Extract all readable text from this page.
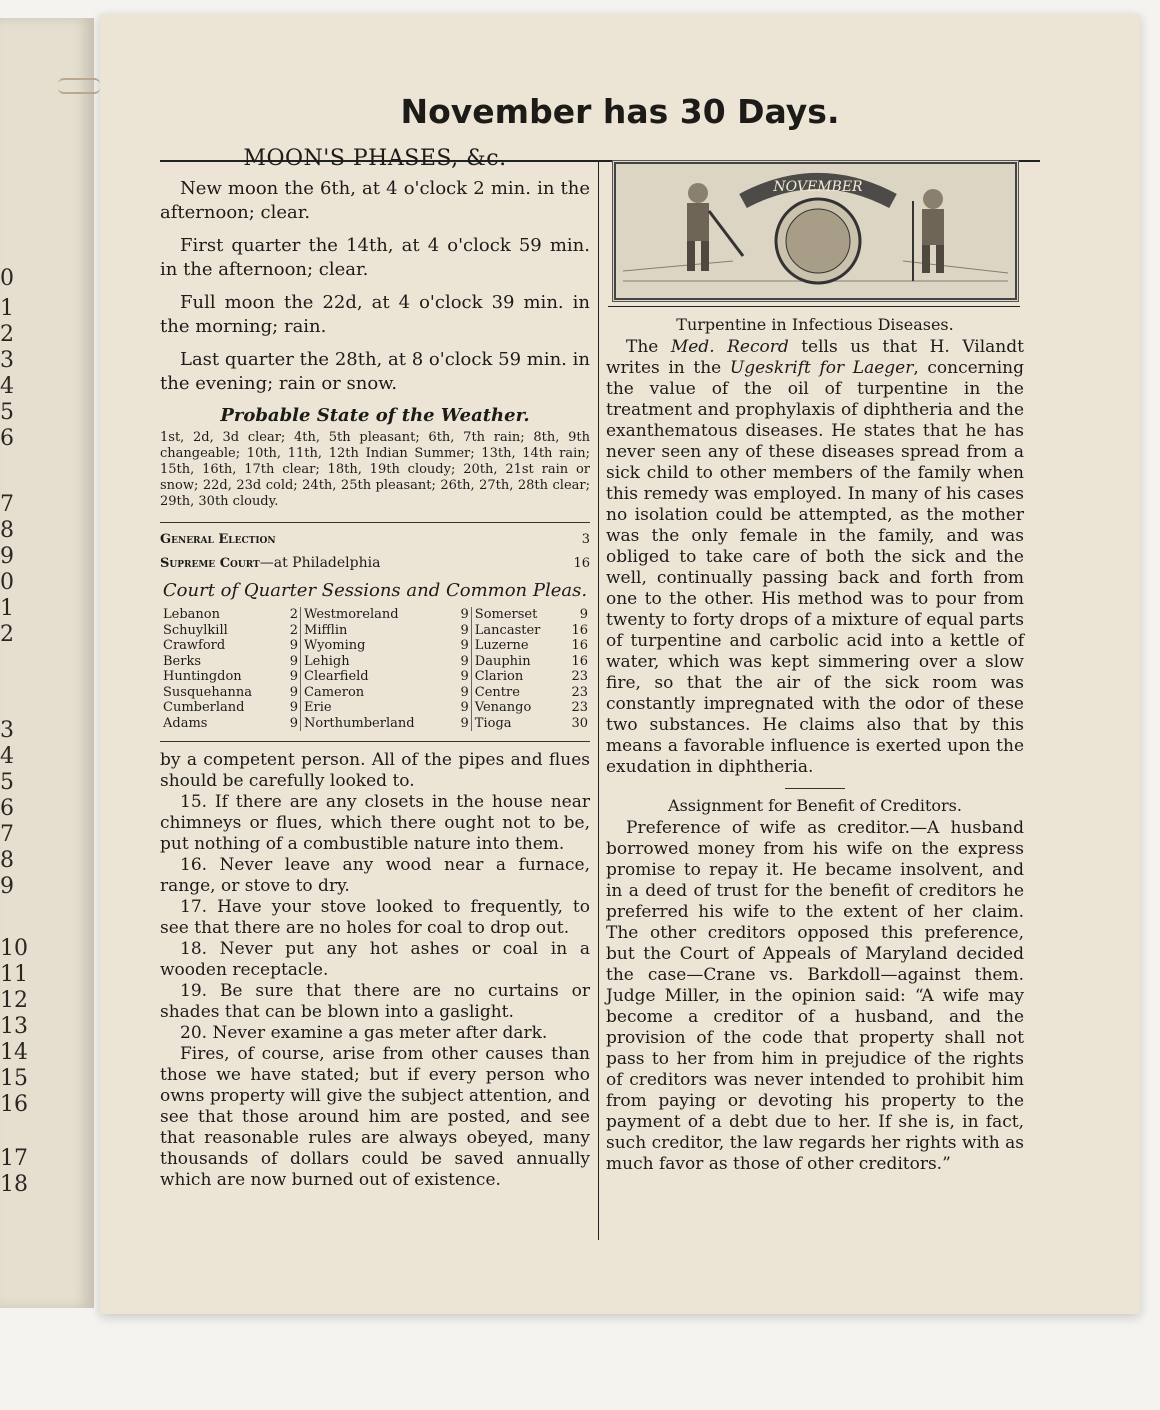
0
1
2
3
4
5
6
7
8
9
0
1
2
3
4
5
6
7
8
9
10
11
12
13
14
15
16
17
18
November has 30 Days.
MOON'S PHASES, &c.

New moon the 6th, at 4 o'clock 2 min. in the afternoon; clear.

First quarter the 14th, at 4 o'clock 59 min. in the afternoon; clear.

Full moon the 22d, at 4 o'clock 39 min. in the morning; rain.

Last quarter the 28th, at 8 o'clock 59 min. in the evening; rain or snow.

Probable State of the Weather.

1st, 2d, 3d clear; 4th, 5th pleasant; 6th, 7th rain; 8th, 9th changeable; 10th, 11th, 12th Indian Summer; 13th, 14th rain; 15th, 16th, 17th clear; 18th, 19th cloudy; 20th, 21st rain or snow; 22d, 23d cold; 24th, 25th pleasant; 26th, 27th, 28th clear; 29th, 30th cloudy.

General Election	3
Supreme Court—at Philadelphia	16
Court of Quarter Sessions and Common Pleas.
Lebanon	2	Westmoreland	9	Somerset	9
Schuylkill	2	Mifflin	9	Lancaster	16
Crawford	9	Wyoming	9	Luzerne	16
Berks	9	Lehigh	9	Dauphin	16
Huntingdon	9	Clearfield	9	Clarion	23
Susquehanna	9	Cameron	9	Centre	23
Cumberland	9	Erie	9	Venango	23
Adams	9	Northumberland	9	Tioga	30

by a competent person. All of the pipes and flues should be carefully looked to.

15. If there are any closets in the house near chimneys or flues, which there ought not to be, put nothing of a combustible nature into them.

16. Never leave any wood near a furnace, range, or stove to dry.

17. Have your stove looked to frequently, to see that there are no holes for coal to drop out.

18. Never put any hot ashes or coal in a wooden receptacle.

19. Be sure that there are no curtains or shades that can be blown into a gaslight.

20. Never examine a gas meter after dark.

Fires, of course, arise from other causes than those we have stated; but if every person who owns property will give the subject attention, and see that those around him are posted, and see that reasonable rules are always obeyed, many thousands of dollars could be saved annually which are now burned out of existence.

NOVEMBER
Turpentine in Infectious Diseases.

The Med. Record tells us that H. Vilandt writes in the Ugeskrift for Laeger, concerning the value of the oil of turpentine in the treatment and prophylaxis of diphtheria and the exanthematous diseases. He states that he has never seen any of these diseases spread from a sick child to other members of the family when this remedy was employed. In many of his cases no isolation could be attempted, as the mother was the only female in the family, and was obliged to take care of both the sick and the well, continually passing back and forth from one to the other. His method was to pour from twenty to forty drops of a mixture of equal parts of turpentine and carbolic acid into a kettle of water, which was kept simmering over a slow fire, so that the air of the sick room was constantly impregnated with the odor of these two substances. He claims also that by this means a favorable influence is exerted upon the exudation in diphtheria.

Assignment for Benefit of Creditors.

Preference of wife as creditor.—A husband borrowed money from his wife on the express promise to repay it. He became insolvent, and in a deed of trust for the benefit of creditors he preferred his wife to the extent of her claim. The other creditors opposed this preference, but the Court of Appeals of Maryland decided the case—Crane vs. Barkdoll—against them. Judge Miller, in the opinion said: “A wife may become a creditor of a husband, and the provision of the code that property shall not pass to her from him in prejudice of the rights of creditors was never intended to prohibit him from paying or devoting his property to the payment of a debt due to her. If she is, in fact, such creditor, the law regards her rights with as much favor as those of other creditors.”
